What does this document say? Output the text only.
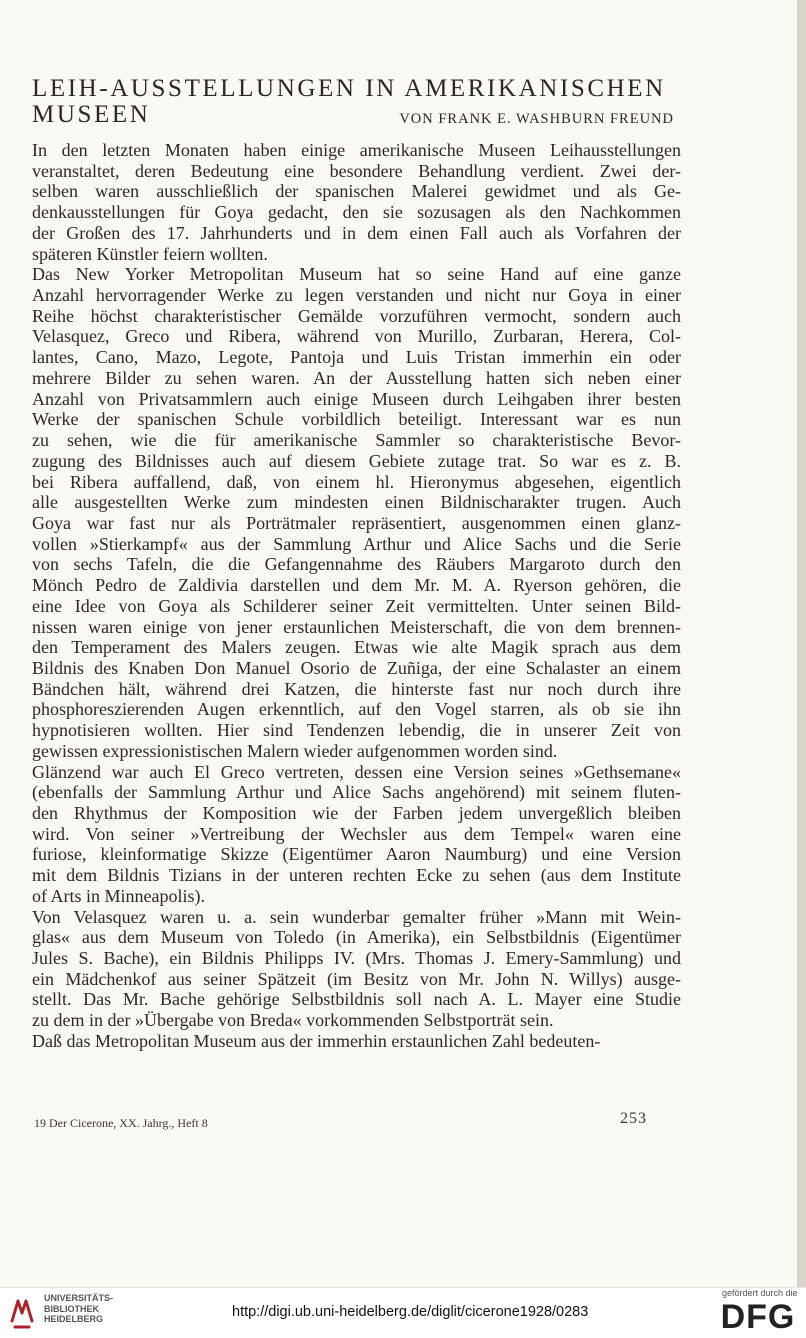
LEIH-AUSSTELLUNGEN IN AMERIKANISCHEN
MUSEEN	VON FRANK E. WASHBURN FREUND
In den letzten Monaten haben einige amerikanische Museen Leihausstellungen
veranstaltet, deren Bedeutung eine besondere Behandlung verdient. Zwei der-
selben waren ausschließlich der spanischen Malerei gewidmet und als Ge-
denkausstellungen für Goya gedacht, den sie sozusagen als den Nachkommen
der Großen des 17. Jahrhunderts und in dem einen Fall auch als Vorfahren der
späteren Künstler feiern wollten.
Das New Yorker Metropolitan Museum hat so seine Hand auf eine ganze
Anzahl hervorragender Werke zu legen verstanden und nicht nur Goya in einer
Reihe höchst charakteristischer Gemälde vorzuführen vermocht, sondern auch
Velasquez, Greco und Ribera, während von Murillo, Zurbaran, Herera, Col-
lantes, Cano, Mazo, Legote, Pantoja und Luis Tristan immerhin ein oder
mehrere Bilder zu sehen waren. An der Ausstellung hatten sich neben einer
Anzahl von Privatsammlern auch einige Museen durch Leihgaben ihrer besten
Werke der spanischen Schule vorbildlich beteiligt. Interessant war es nun
zu sehen, wie die für amerikanische Sammler so charakteristische Bevor-
zugung des Bildnisses auch auf diesem Gebiete zutage trat. So war es z. B.
bei Ribera auffallend, daß, von einem hl. Hieronymus abgesehen, eigentlich
alle ausgestellten Werke zum mindesten einen Bildnischarakter trugen. Auch
Goya war fast nur als Porträtmaler repräsentiert, ausgenommen einen glanz-
vollen »Stierkampf« aus der Sammlung Arthur und Alice Sachs und die Serie
von sechs Tafeln, die die Gefangennahme des Räubers Margaroto durch den
Mönch Pedro de Zaldivia darstellen und dem Mr. M. A. Ryerson gehören, die
eine Idee von Goya als Schilderer seiner Zeit vermittelten. Unter seinen Bild-
nissen waren einige von jener erstaunlichen Meisterschaft, die von dem brennen-
den Temperament des Malers zeugen. Etwas wie alte Magik sprach aus dem
Bildnis des Knaben Don Manuel Osorio de Zuñiga, der eine Schalaster an einem
Bändchen hält, während drei Katzen, die hinterste fast nur noch durch ihre
phosphoreszierenden Augen erkenntlich, auf den Vogel starren, als ob sie ihn
hypnotisieren wollten. Hier sind Tendenzen lebendig, die in unserer Zeit von
gewissen expressionistischen Malern wieder aufgenommen worden sind.
Glänzend war auch El Greco vertreten, dessen eine Version seines »Gethsemane«
(ebenfalls der Sammlung Arthur und Alice Sachs angehörend) mit seinem fluten-
den Rhythmus der Komposition wie der Farben jedem unvergeßlich bleiben
wird. Von seiner »Vertreibung der Wechsler aus dem Tempel« waren eine
furiose, kleinformatige Skizze (Eigentümer Aaron Naumburg) und eine Version
mit dem Bildnis Tizians in der unteren rechten Ecke zu sehen (aus dem Institute
of Arts in Minneapolis).
Von Velasquez waren u. a. sein wunderbar gemalter früher »Mann mit Wein-
glas« aus dem Museum von Toledo (in Amerika), ein Selbstbildnis (Eigentümer
Jules S. Bache), ein Bildnis Philipps IV. (Mrs. Thomas J. Emery-Sammlung) und
ein Mädchenkof aus seiner Spätzeit (im Besitz von Mr. John N. Willys) ausge-
stellt. Das Mr. Bache gehörige Selbstbildnis soll nach A. L. Mayer eine Studie
zu dem in der »Übergabe von Breda« vorkommenden Selbstporträt sein.
Daß das Metropolitan Museum aus der immerhin erstaunlichen Zahl bedeuten-
19 Der Cicerone, XX. Jahrg., Heft 8	253
UNIVERSITÄTS-
BIBLIOTHEK
HEIDELBERG	http://digi.ub.uni-heidelberg.de/diglit/cicerone1928/0283
gefördert durch die
DFG
